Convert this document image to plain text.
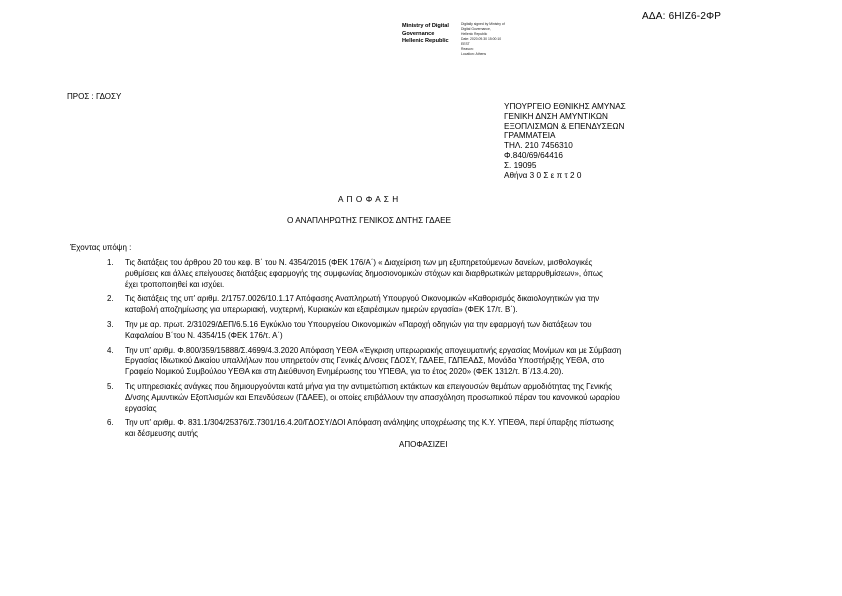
ΑΔΑ: 6ΗΙΖ6-2ΦΡ
Ministry of Digital
Governance
Hellenic Republic
Digitally signed by Ministry of
Digital Governance,
Hellenic Republic
Date: 2020.09.30 15:00:10
EEST
Reason:
Location: Athens
ΠΡΟΣ : ΓΔΟΣΥ
ΥΠΟΥΡΓΕΙΟ ΕΘΝΙΚΗΣ ΑΜΥΝΑΣ
ΓΕΝΙΚΗ ΔΝΣΗ ΑΜΥΝΤΙΚΩΝ
ΕΞΟΠΛΙΣΜΩΝ & ΕΠΕΝΔΥΣΕΩΝ
ΓΡΑΜΜΑΤΕΙΑ
ΤΗΛ. 210 7456310
Φ.840/69/64416
Σ. 19095
Αθήνα 3 0 Σ ε π τ 2 0
Α Π Ο Φ Α Σ Η
Ο ΑΝΑΠΛΗΡΩΤΗΣ ΓΕΝΙΚΟΣ ΔΝΤΗΣ ΓΔΑΕΕ
Έχοντας υπόψη :
1. Τις διατάξεις του άρθρου 20 του κεφ. Β΄ του Ν. 4354/2015 (ΦΕΚ 176/Α΄) « Διαχείριση των μη εξυπηρετούμενων δανείων, μισθολογικές
ρυθμίσεις και άλλες επείγουσες διατάξεις εφαρμογής της συμφωνίας δημοσιονομικών στόχων και διαρθρωτικών μεταρρυθμίσεων», όπως
έχει τροποποιηθεί και ισχύει.
2. Τις διατάξεις της υπ' αριθμ. 2/1757.0026/10.1.17 Απόφασης Αναπληρωτή Υπουργού Οικονομικών «Καθορισμός δικαιολογητικών για την
καταβολή αποζημίωσης για υπερωριακή, νυχτερινή, Κυριακών και εξαιρέσιμων ημερών εργασία» (ΦΕΚ 17/τ. Β΄).
3. Την με αρ. πρωτ. 2/31029/ΔΕΠ/6.5.16 Εγκύκλιο του Υπουργείου Οικονομικών «Παροχή οδηγιών για την εφαρμογή των διατάξεων του
Καφαλαίου Β΄του Ν. 4354/15 (ΦΕΚ 176/τ. Α΄)
4. Την υπ' αριθμ. Φ.800/359/15888/Σ.4699/4.3.2020 Απόφαση ΥΕΘΑ «Έγκριση υπερωριακής απογευματινής εργασίας Μονίμων και με Σύμβαση
Εργασίας Ιδιωτικού Δικαίου υπαλλήλων που υπηρετούν στις Γενικές Δ/νσεις ΓΔΟΣΥ, ΓΔΑΕΕ, ΓΔΠΕΑΔΣ, Μονάδα Υποστήριξης ΥΕΘΑ, στο
Γραφείο Νομικού Συμβούλου ΥΕΘΑ και στη Διεύθυνση Ενημέρωσης του ΥΠΕΘΑ, για το έτος 2020» (ΦΕΚ 1312/τ. Β΄/13.4.20).
5. Τις υπηρεσιακές ανάγκες που δημιουργούνται κατά μήνα για την αντιμετώπιση εκτάκτων και επειγουσών θεμάτων αρμοδιότητας της Γενικής
Δ/νσης Αμυντικών Εξοπλισμών και Επενδύσεων (ΓΔΑΕΕ), οι οποίες επιβάλλουν την απασχόληση προσωπικού πέραν του κανονικού ωραρίου
εργασίας
6. Την υπ' αριθμ. Φ. 831.1/304/25376/Σ.7301/16.4.20/ΓΔΟΣΥ/ΔΟΙ Απόφαση ανάληψης υποχρέωσης της Κ.Υ. ΥΠΕΘΑ, περί ύπαρξης πίστωσης
και δέσμευσης αυτής
ΑΠΟΦΑΣΙΖΕΙ
